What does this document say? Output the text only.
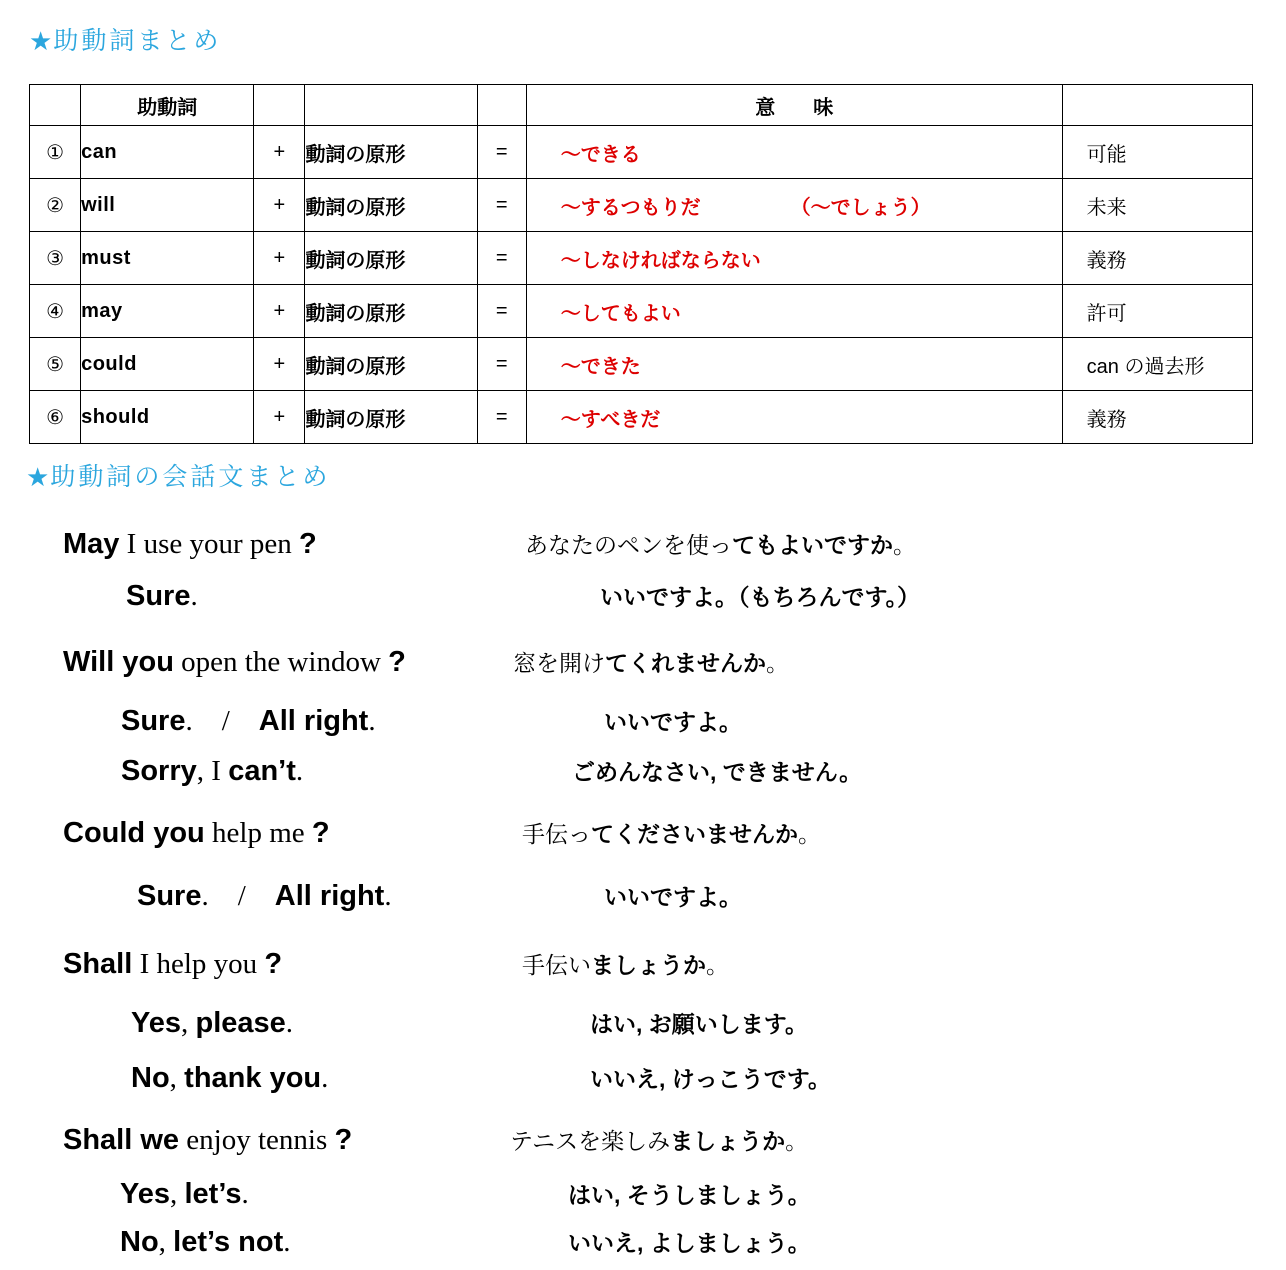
★助動詞まとめ
	助動詞				意　味	
①	can	+	動詞の原形	=	〜できる	可能
②	will	+	動詞の原形	=	〜するつもりだ　　　　　（〜でしょう）	未来
③	must	+	動詞の原形	=	〜しなければならない	義務
④	may	+	動詞の原形	=	〜してもよい	許可
⑤	could	+	動詞の原形	=	〜できた	can の過去形
⑥	should	+	動詞の原形	=	〜すべきだ	義務
★助動詞の会話文まとめ
May I use your pen ?	あなたのペンを使ってもよいですか。
Sure.	いいですよ。（もちろんです。）
Will you open the window ?	窓を開けてくれませんか。
Sure. / All right.	いいですよ。
Sorry, I can’t.	ごめんなさい, できません。
Could you help me ?	手伝ってくださいませんか。
Sure. / All right.	いいですよ。
Shall I help you ?	手伝いましょうか。
Yes, please.	はい, お願いします。
No, thank you.	いいえ, けっこうです。
Shall we enjoy tennis ?	テニスを楽しみましょうか。
Yes, let’s.	はい, そうしましょう。
No, let’s not.	いいえ, よしましょう。
